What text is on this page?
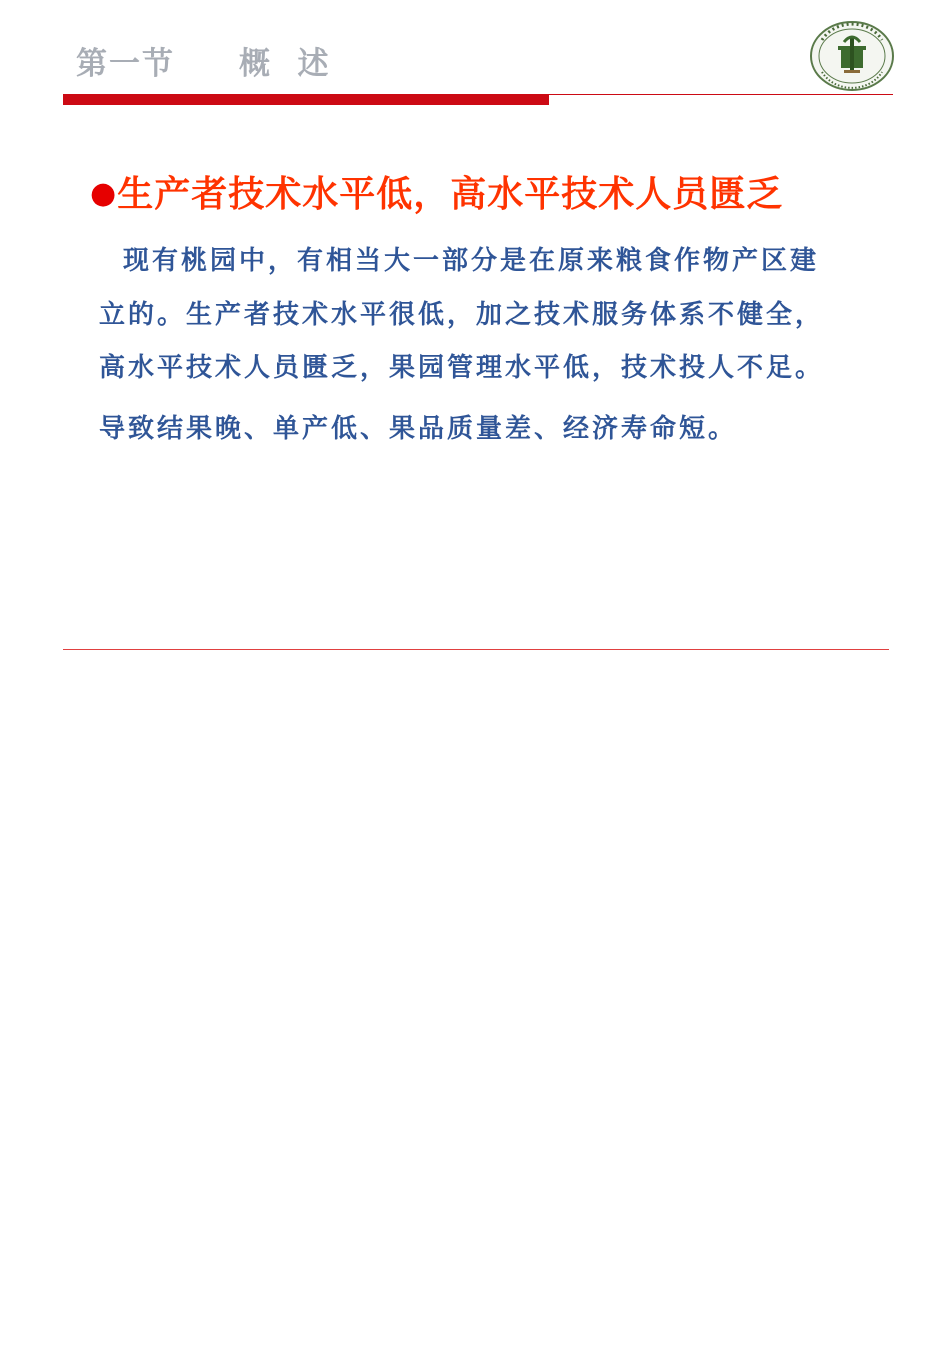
第一节     概  述
●生产者技术水平低，高水平技术人员匮乏
现有桃园中，有相当大一部分是在原来粮食作物产区建
立的。生产者技术水平很低，加之技术服务体系不健全，
高水平技术人员匮乏，果园管理水平低，技术投人不足。
导致结果晚、单产低、果品质量差、经济寿命短。
